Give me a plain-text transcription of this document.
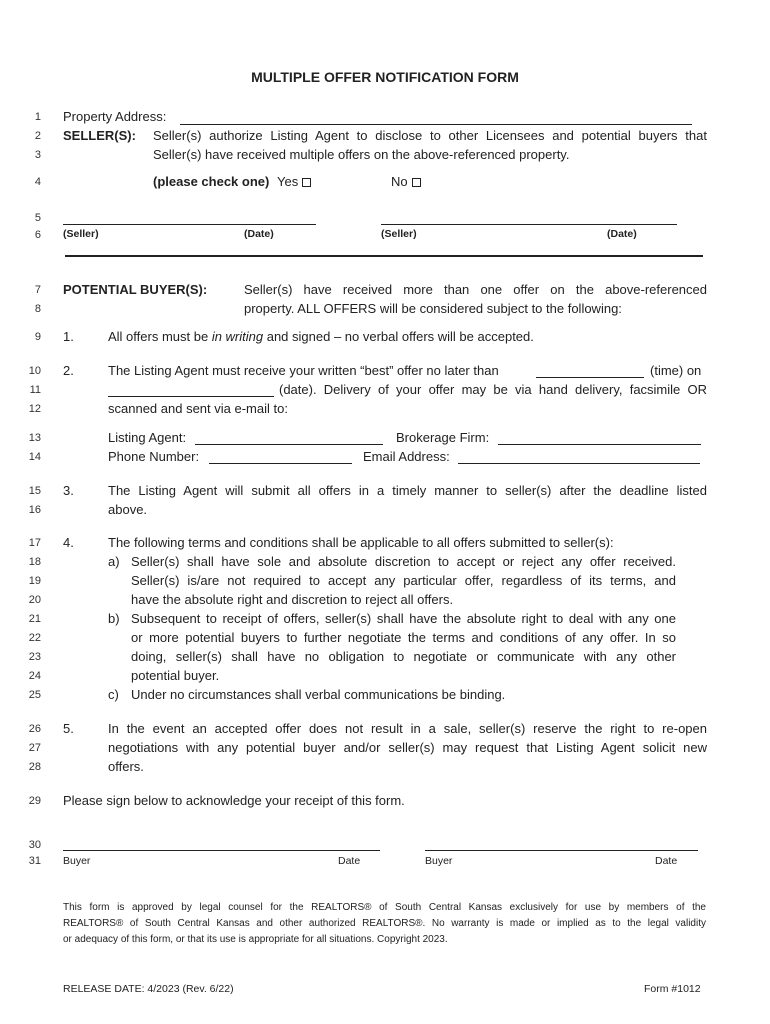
MULTIPLE OFFER NOTIFICATION FORM
1
2
3
4
5
6
7
8
9
10
11
12
13
14
15
16
17
18
19
20
21
22
23
24
25
26
27
28
29
30
31
Property Address:
SELLER(S): Seller(s) authorize Listing Agent to disclose to other Licensees and potential buyers that
Seller(s) have received multiple offers on the above-referenced property.
(please check one) Yes	No
(Seller)	(Date)	(Seller)	(Date)
POTENTIAL BUYER(S):	Seller(s) have received more than one offer on the above-referenced
property. ALL OFFERS will be considered subject to the following:
1.	All offers must be in writing and signed – no verbal offers will be accepted.
2.	The Listing Agent must receive your written “best” offer no later than	(time) on
(date). Delivery of your offer may be via hand delivery, facsimile OR
scanned and sent via e-mail to:
Listing Agent:	Brokerage Firm:
Phone Number:	Email Address:
3.	The Listing Agent will submit all offers in a timely manner to seller(s) after the deadline listed
above.
4.	The following terms and conditions shall be applicable to all offers submitted to seller(s):
a) Seller(s) shall have sole and absolute discretion to accept or reject any offer received.
Seller(s) is/are not required to accept any particular offer, regardless of its terms, and
have the absolute right and discretion to reject all offers.
b) Subsequent to receipt of offers, seller(s) shall have the absolute right to deal with any one
or more potential buyers to further negotiate the terms and conditions of any offer. In so
doing, seller(s) shall have no obligation to negotiate or communicate with any other
potential buyer.
c) Under no circumstances shall verbal communications be binding.
5.	In the event an accepted offer does not result in a sale, seller(s) reserve the right to re-open
negotiations with any potential buyer and/or seller(s) may request that Listing Agent solicit new
offers.
Please sign below to acknowledge your receipt of this form.
Buyer	Date	Buyer	Date
This form is approved by legal counsel for the REALTORS® of South Central Kansas exclusively for use by members of the
REALTORS® of South Central Kansas and other authorized REALTORS®. No warranty is made or implied as to the legal validity
or adequacy of this form, or that its use is appropriate for all situations. Copyright 2023.
RELEASE DATE: 4/2023 (Rev. 6/22)	Form #1012
